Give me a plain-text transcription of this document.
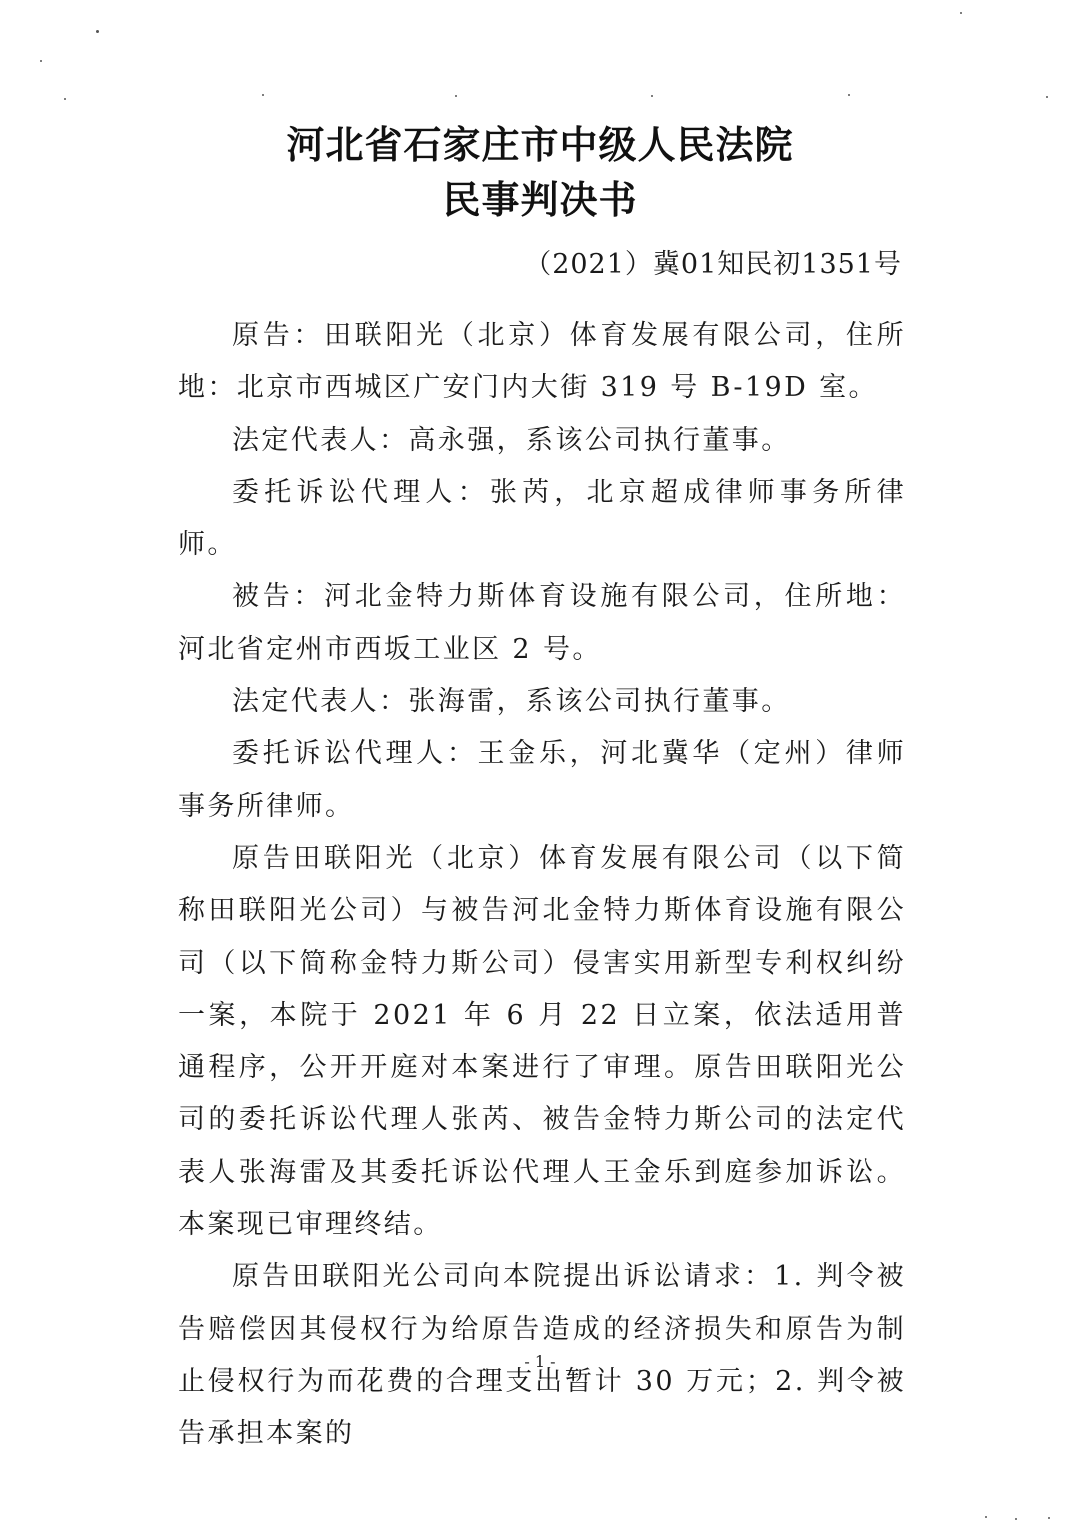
河北省石家庄市中级人民法院
民事判决书
（2021）冀01知民初1351号

原告：田联阳光（北京）体育发展有限公司，住所地：北京市西城区广安门内大街 319 号 B-19D 室。

法定代表人：高永强，系该公司执行董事。

委托诉讼代理人：张芮，北京超成律师事务所律师。

被告：河北金特力斯体育设施有限公司，住所地：河北省定州市西坂工业区 2 号。

法定代表人：张海雷，系该公司执行董事。

委托诉讼代理人：王金乐，河北冀华（定州）律师事务所律师。

原告田联阳光（北京）体育发展有限公司（以下简称田联阳光公司）与被告河北金特力斯体育设施有限公司（以下简称金特力斯公司）侵害实用新型专利权纠纷一案，本院于 2021 年 6 月 22 日立案，依法适用普通程序，公开开庭对本案进行了审理。原告田联阳光公司的委托诉讼代理人张芮、被告金特力斯公司的法定代表人张海雷及其委托诉讼代理人王金乐到庭参加诉讼。本案现已审理终结。

原告田联阳光公司向本院提出诉讼请求：1. 判令被告赔偿因其侵权行为给原告造成的经济损失和原告为制止侵权行为而花费的合理支出暂计 30 万元；2. 判令被告承担本案的

- 1 -
